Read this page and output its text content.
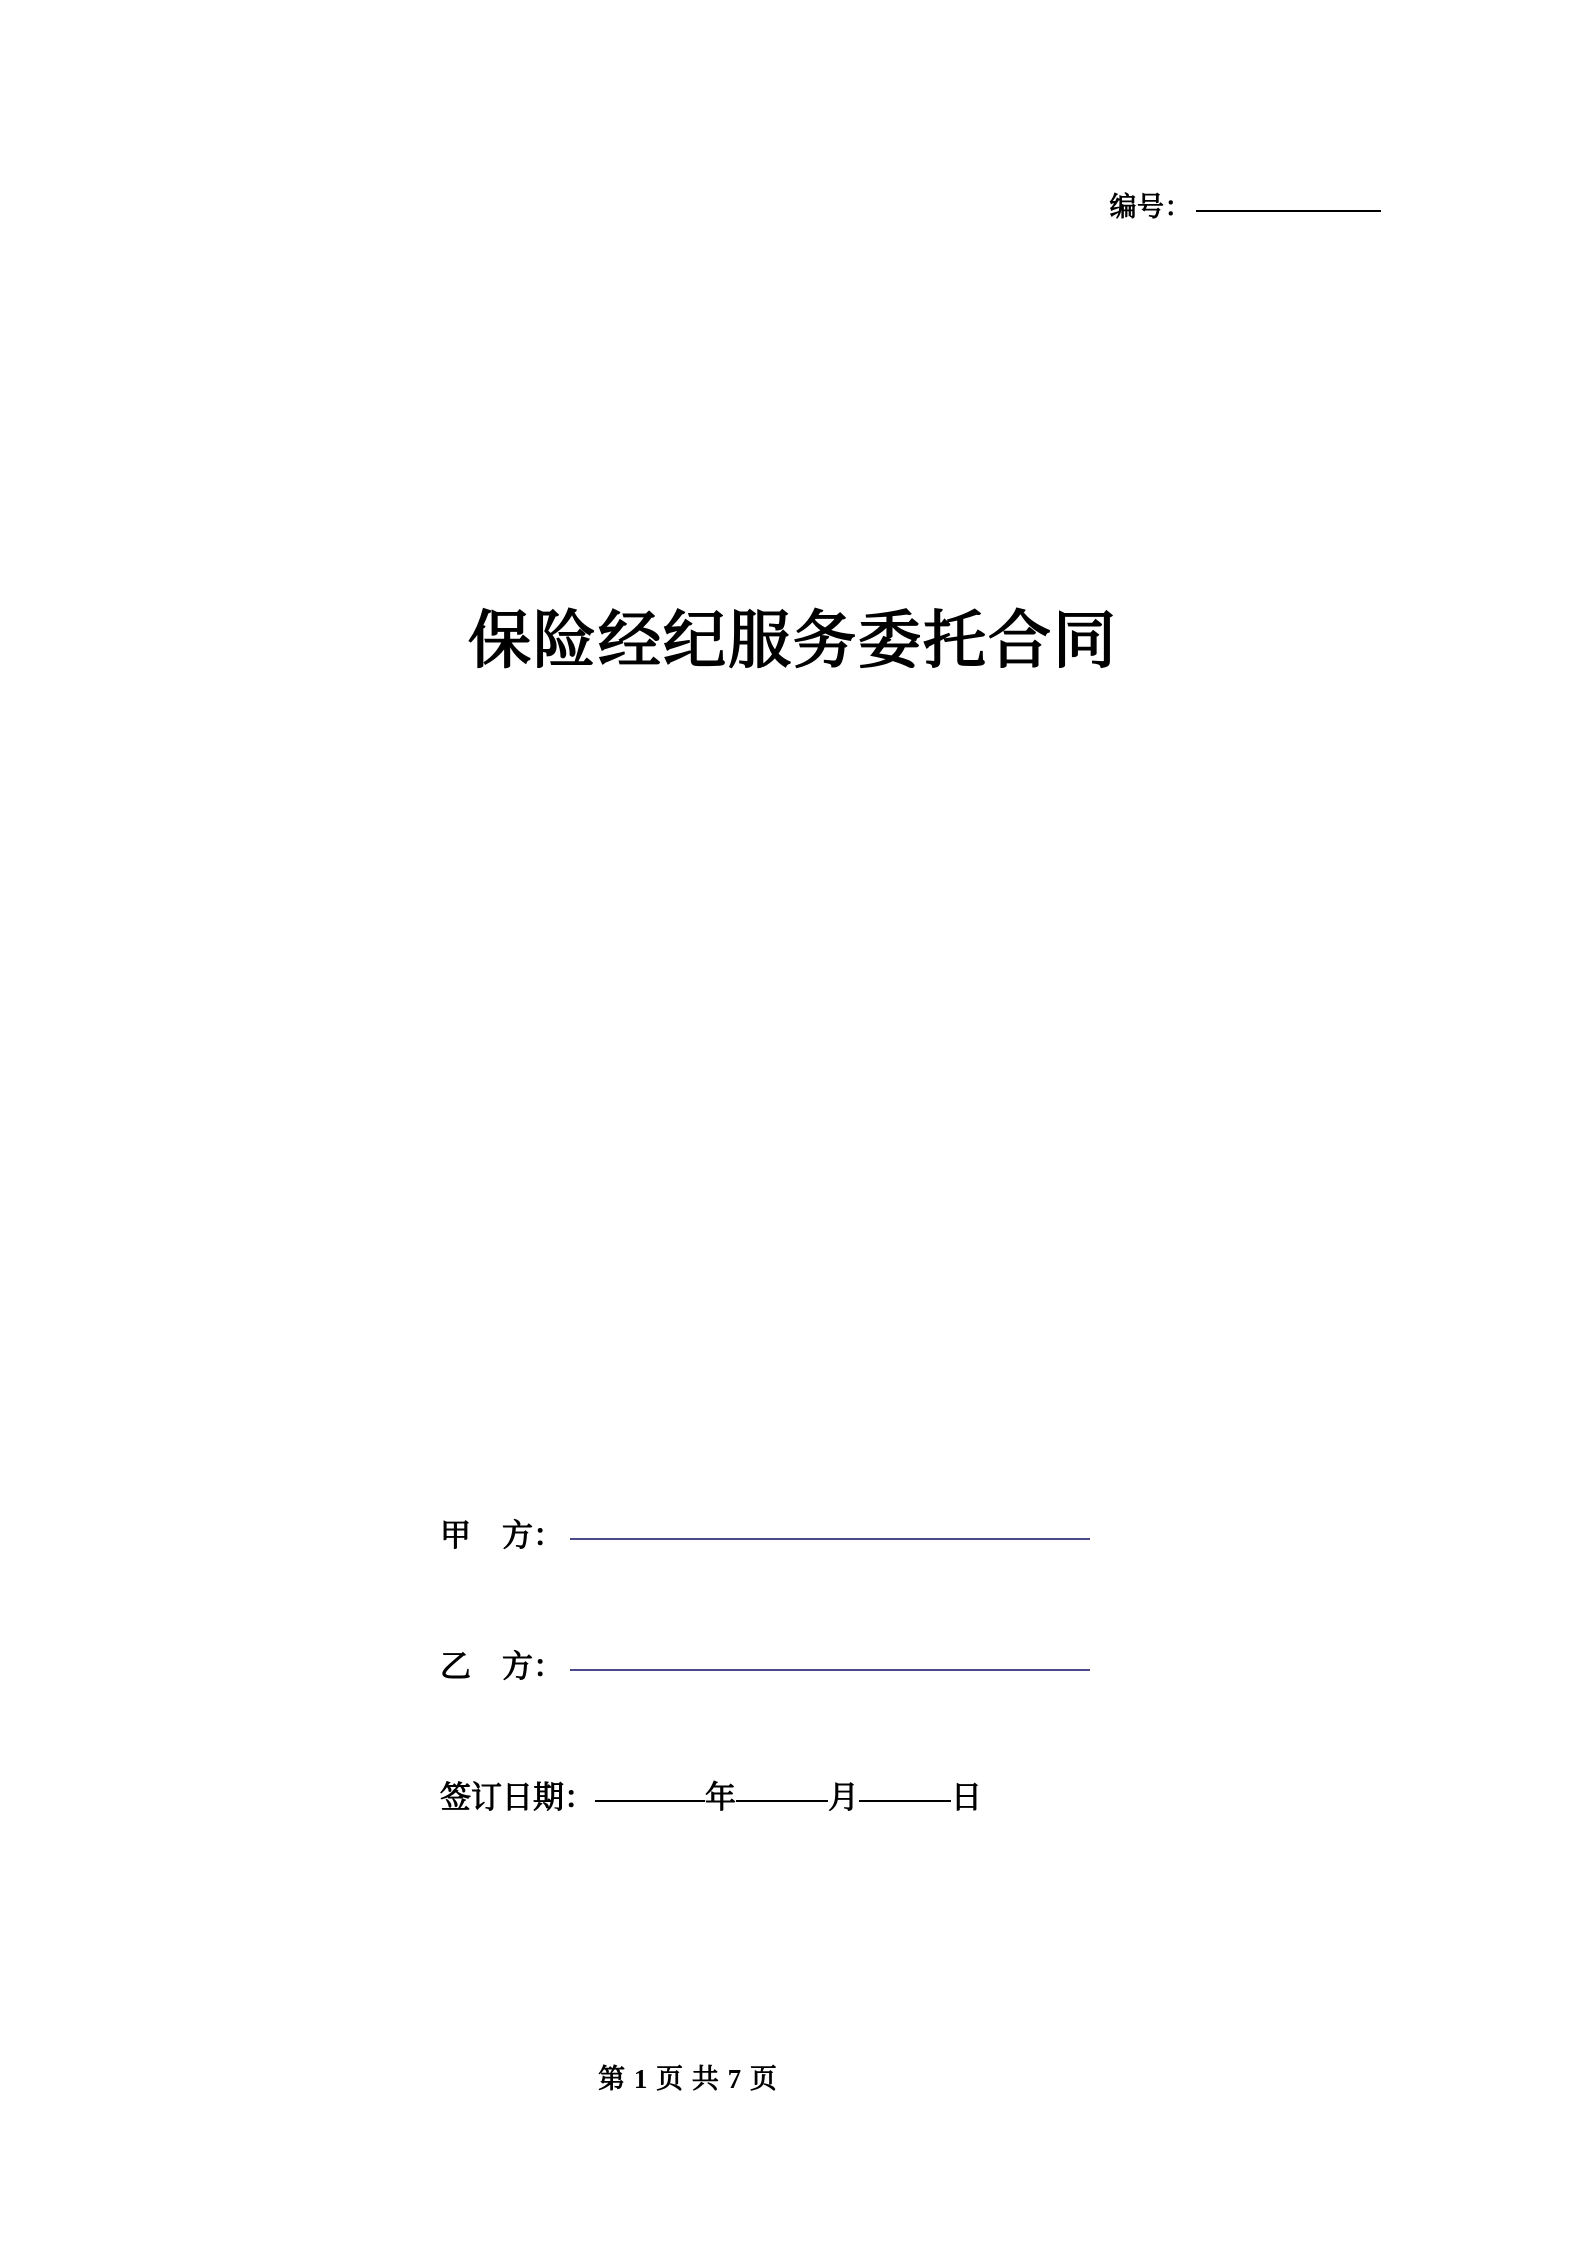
编号：
保险经纪服务委托合同
甲　方：
乙　方：
签订日期：	年	月	日
第 1 页 共 7 页
